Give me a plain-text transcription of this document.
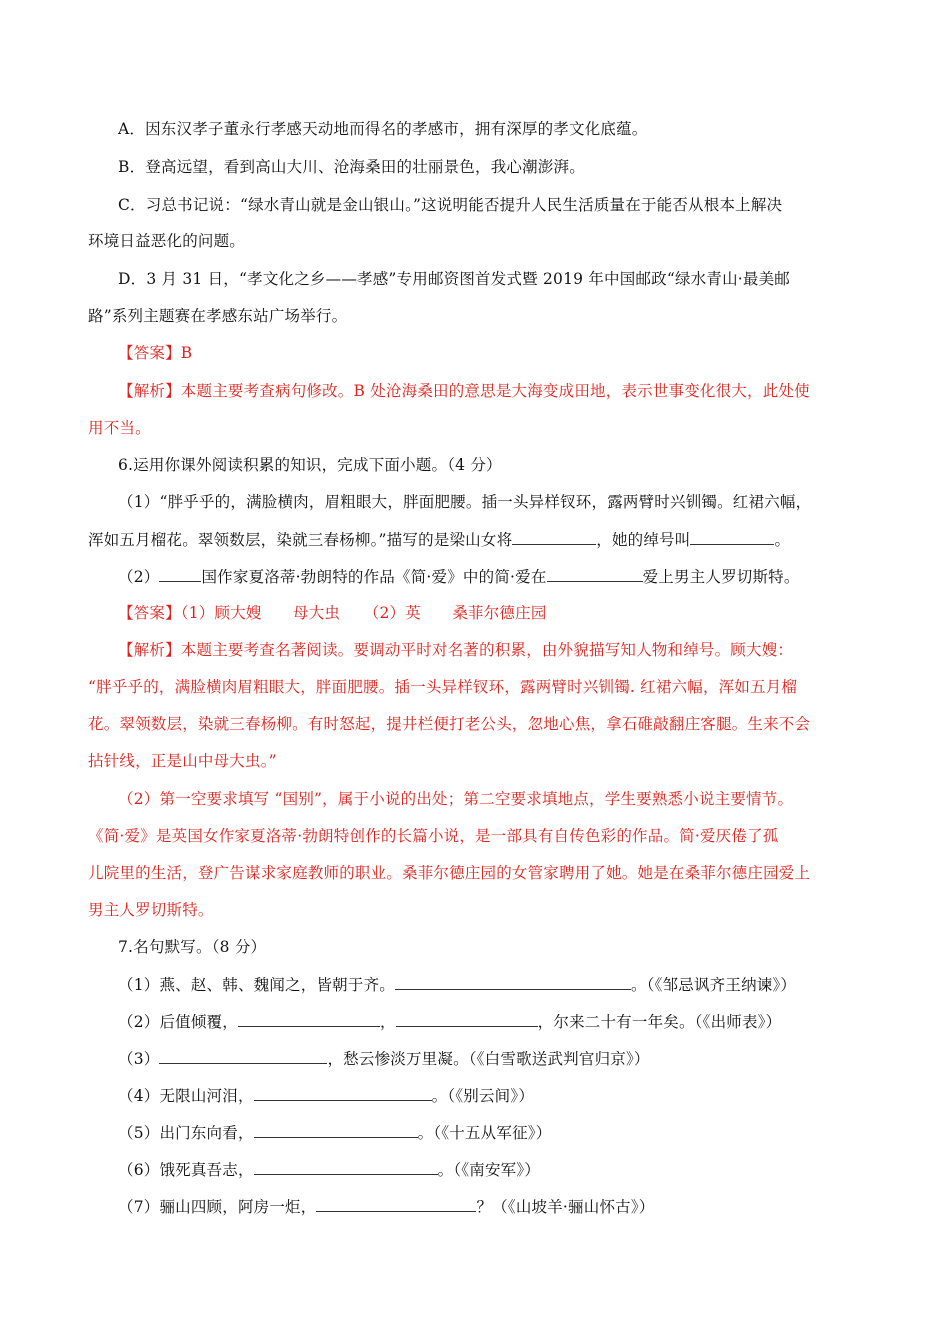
A．因东汉孝子董永行孝感天动地而得名的孝感市，拥有深厚的孝文化底蕴。
B．登高远望，看到高山大川、沧海桑田的壮丽景色，我心潮澎湃。
C．习总书记说：“绿水青山就是金山银山。”这说明能否提升人民生活质量在于能否从根本上解决
环境日益恶化的问题。
D．3 月 31 日，“孝文化之乡——孝感”专用邮资图首发式暨 2019 年中国邮政“绿水青山·最美邮
路”系列主题赛在孝感东站广场举行。
【答案】B
【解析】本题主要考查病句修改。B 处沧海桑田的意思是大海变成田地，表示世事变化很大，此处使
用不当。
6.运用你课外阅读积累的知识，完成下面小题。（4 分）
（1）“胖乎乎的，满脸横肉，眉粗眼大，胖面肥腰。插一头异样钗环，露两臂时兴钏镯。红裙六幅，
浑如五月榴花。翠领数层，染就三春杨柳。”描写的是梁山女将	，她的绰号叫	。
（2）	国作家夏洛蒂·勃朗特的作品《简·爱》中的简·爱在	爱上男主人罗切斯特。
【答案】（1）顾大嫂　　母大虫　　（2）英　　桑菲尔德庄园
【解析】本题主要考查名著阅读。要调动平时对名著的积累，由外貌描写知人物和绰号。顾大嫂：
“胖乎乎的，满脸横肉眉粗眼大，胖面肥腰。插一头异样钗环，露两臂时兴钏镯. 红裙六幅，浑如五月榴
花。翠领数层，染就三春杨柳。有时怒起，提井栏便打老公头，忽地心焦，拿石碓敲翻庄客腿。生来不会
拈针线，正是山中母大虫。”
（2）第一空要求填写 “国别”，属于小说的出处；第二空要求填地点，学生要熟悉小说主要情节。
《简·爱》是英国女作家夏洛蒂·勃朗特创作的长篇小说，是一部具有自传色彩的作品。简·爱厌倦了孤
儿院里的生活，登广告谋求家庭教师的职业。桑菲尔德庄园的女管家聘用了她。她是在桑菲尔德庄园爱上
男主人罗切斯特。
7.名句默写。（8 分）
（1）燕、赵、韩、魏闻之，皆朝于齐。	。（《邹忌讽齐王纳谏》）
（2）后值倾覆，	，	，尔来二十有一年矣。（《出师表》）
（3）	，愁云惨淡万里凝。（《白雪歌送武判官归京》）
（4）无限山河泪，	。（《别云间》）
（5）出门东向看，	。（《十五从军征》）
（6）饿死真吾志，	。（《南安军》）
（7）骊山四顾，阿房一炬，	？（《山坡羊·骊山怀古》）
